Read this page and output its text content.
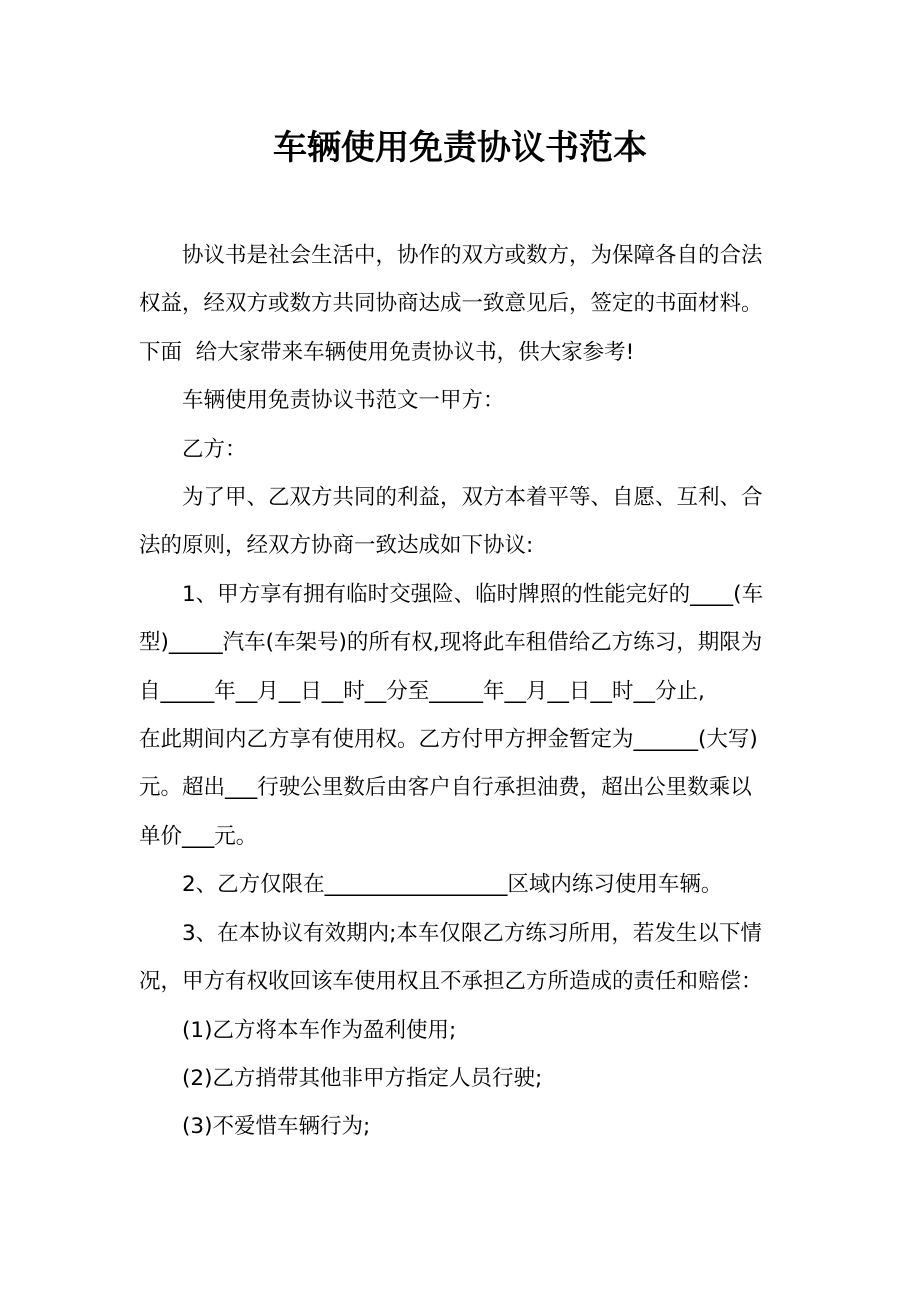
车辆使用免责协议书范本
协议书是社会生活中，协作的双方或数方，为保障各自的合法
权益，经双方或数方共同协商达成一致意见后，签定的书面材料。
下面  给大家带来车辆使用免责协议书，供大家参考!
车辆使用免责协议书范文一甲方：
乙方：
为了甲、乙双方共同的利益，双方本着平等、自愿、互利、合
法的原则，经双方协商一致达成如下协议:
1、甲方享有拥有临时交强险、临时牌照的性能完好的____(车
型)_____汽车(车架号)的所有权,现将此车租借给乙方练习，期限为
自_____年__月__日__时__分至_____年__月__日__时__分止,
在此期间内乙方享有使用权。乙方付甲方押金暂定为______(大写)
元。超出___行驶公里数后由客户自行承担油费，超出公里数乘以
单价___元。
2、乙方仅限在_________________区域内练习使用车辆。
3、在本协议有效期内;本车仅限乙方练习所用，若发生以下情
况，甲方有权收回该车使用权且不承担乙方所造成的责任和赔偿：
(1)乙方将本车作为盈利使用;
(2)乙方捎带其他非甲方指定人员行驶;
(3)不爱惜车辆行为;
